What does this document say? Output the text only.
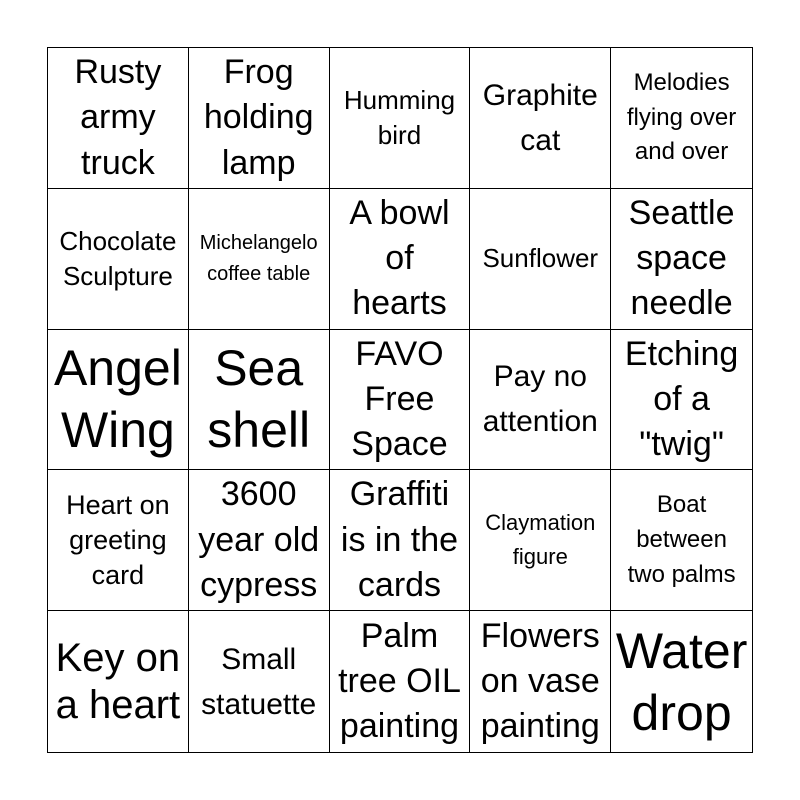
Rusty
army
truck
Frog
holding
lamp
Humming
bird
Graphite
cat
Melodies
flying over
and over
Chocolate
Sculpture
Michelangelo
coffee table
A bowl
of
hearts
Sunflower
Seattle
space
needle
Angel
Wing
Sea
shell
FAVO
Free
Space
Pay no
attention
Etching
of a
"twig"
Heart on
greeting
card
3600
year old
cypress
Graffiti
is in the
cards
Claymation
figure
Boat
between
two palms
Key on
a heart
Small
statuette
Palm
tree OIL
painting
Flowers
on vase
painting
Water
drop
